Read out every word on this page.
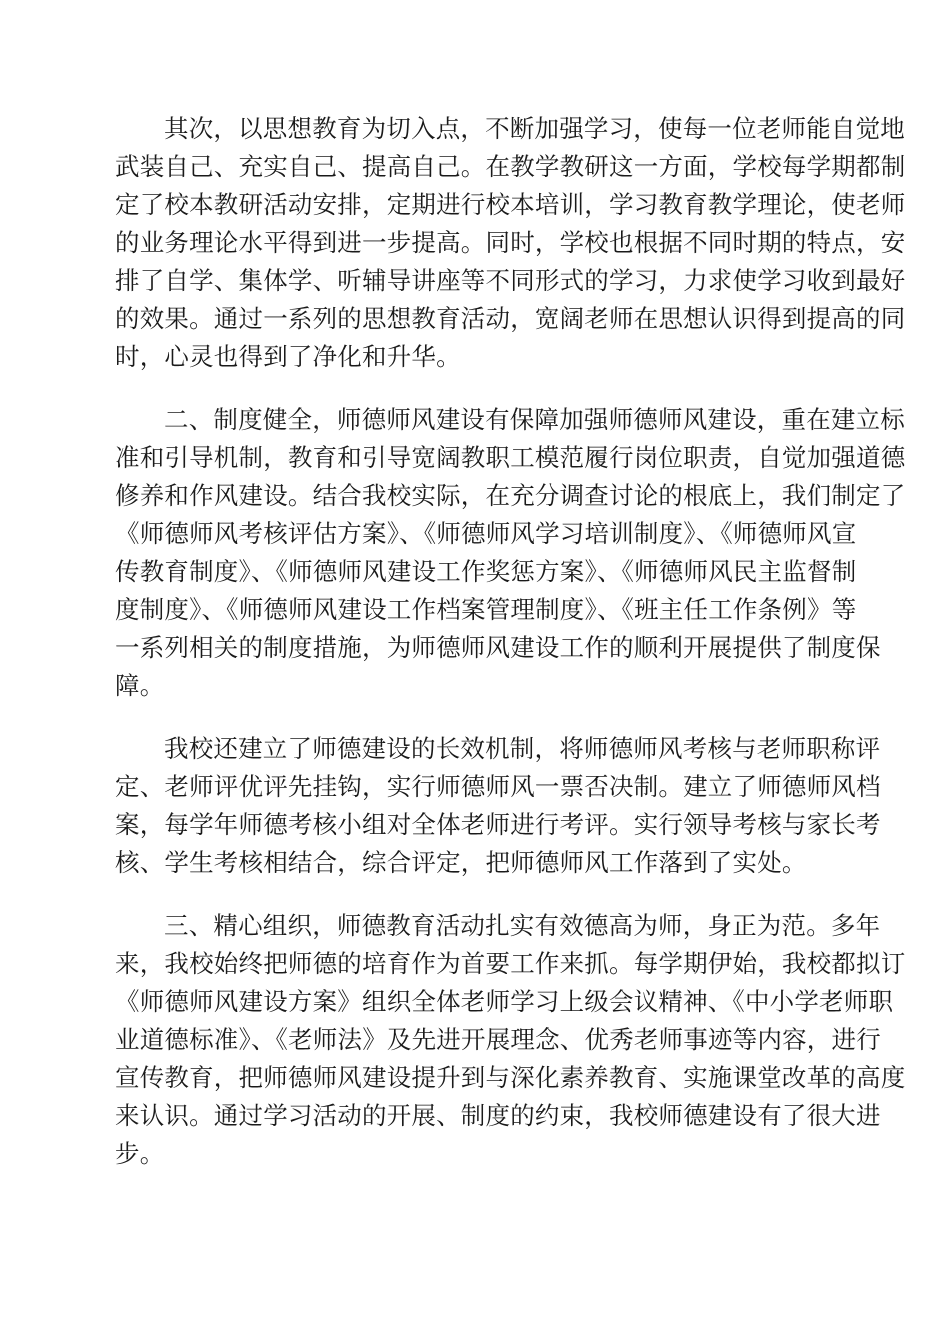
其次，以思想教育为切入点，不断加强学习，使每一位老师能自觉地
武装自己、充实自己、提高自己。在教学教研这一方面，学校每学期都制
定了校本教研活动安排，定期进行校本培训，学习教育教学理论，使老师
的业务理论水平得到进一步提高。同时，学校也根据不同时期的特点，安
排了自学、集体学、听辅导讲座等不同形式的学习，力求使学习收到最好
的效果。通过一系列的思想教育活动，宽阔老师在思想认识得到提高的同
时，心灵也得到了净化和升华。
二、制度健全，师德师风建设有保障加强师德师风建设，重在建立标
准和引导机制，教育和引导宽阔教职工模范履行岗位职责，自觉加强道德
修养和作风建设。结合我校实际，在充分调查讨论的根底上，我们制定了
《师德师风考核评估方案》、《师德师风学习培训制度》、《师德师风宣
传教育制度》、《师德师风建设工作奖惩方案》、《师德师风民主监督制
度制度》、《师德师风建设工作档案管理制度》、《班主任工作条例》等
一系列相关的制度措施，为师德师风建设工作的顺利开展提供了制度保
障。
我校还建立了师德建设的长效机制，将师德师风考核与老师职称评
定、老师评优评先挂钩，实行师德师风一票否决制。建立了师德师风档
案，每学年师德考核小组对全体老师进行考评。实行领导考核与家长考
核、学生考核相结合，综合评定，把师德师风工作落到了实处。
三、精心组织，师德教育活动扎实有效德高为师，身正为范。多年
来，我校始终把师德的培育作为首要工作来抓。每学期伊始，我校都拟订
《师德师风建设方案》组织全体老师学习上级会议精神、《中小学老师职
业道德标准》、《老师法》及先进开展理念、优秀老师事迹等内容，进行
宣传教育，把师德师风建设提升到与深化素养教育、实施课堂改革的高度
来认识。通过学习活动的开展、制度的约束，我校师德建设有了很大进
步。
